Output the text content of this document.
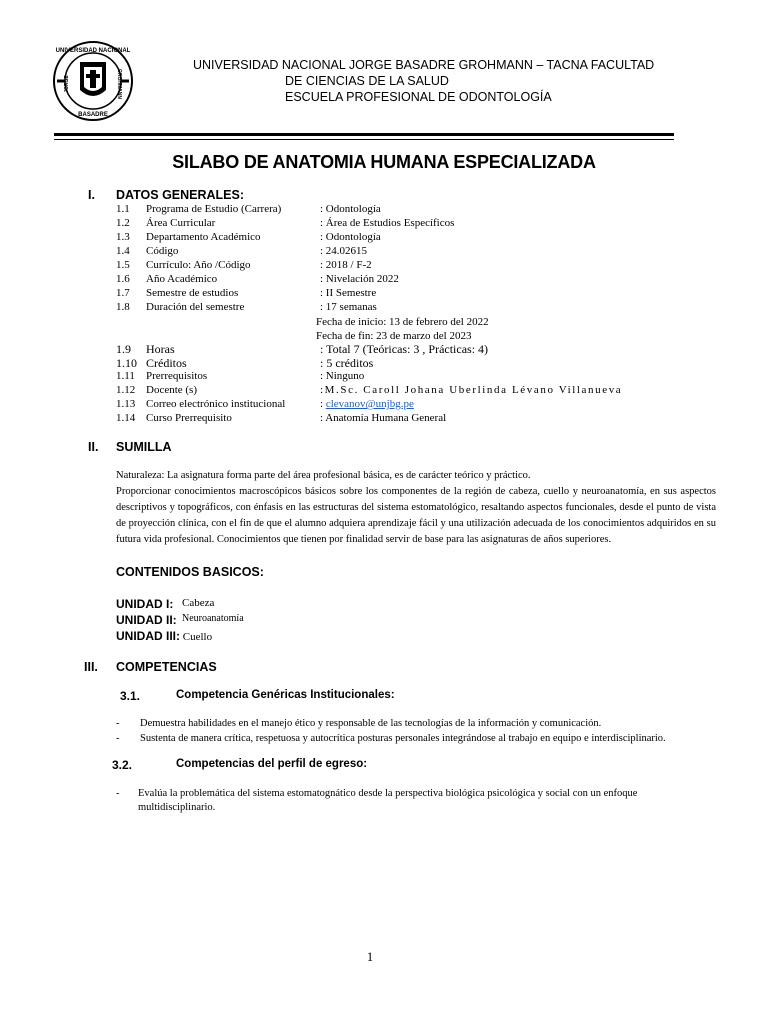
UNIVERSIDAD NACIONAL
BASADRE
JORGE	GROHMANN
UNIVERSIDAD NACIONAL JORGE BASADRE GROHMANN – TACNA FACULTAD
DE CIENCIAS DE LA SALUD
ESCUELA PROFESIONAL DE ODONTOLOGÍA
SILABO DE ANATOMIA HUMANA ESPECIALIZADA
I. DATOS GENERALES:
1.1	Programa de Estudio (Carrera)	: Odontología
1.2	Área Curricular	: Área de Estudios Específicos
1.3	Departamento Académico	: Odontología
1.4	Código	: 24.02615
1.5	Currículo: Año /Código	: 2018 / F-2
1.6	Año Académico	: Nivelación 2022
1.7	Semestre de estudios	: II Semestre
1.8	Duración del semestre	: 17 semanas
1.9	Horas	: Total 7 (Teóricas: 3 , Prácticas: 4)
1.10 Créditos	: 5 créditos
1.11	Prerrequisitos	: Ninguno
1.12 Docente (s)	:M.Sc. Caroll Johana Uberlinda Lévano Villanueva
1.13 Correo electrónico institucional	: clevanov@unjbg.pe
1.14 Curso Prerrequisito	: Anatomía Humana General
Fecha de inicio: 13 de febrero del 2022
Fecha de fin: 23 de marzo del 2023
II. SUMILLA

Naturaleza: La asignatura forma parte del área profesional básica, es de carácter teórico y práctico.

Proporcionar conocimientos macroscópicos básicos sobre los componentes de la región de cabeza, cuello y neuroanatomía, en sus aspectos descriptivos y topográficos, con énfasis en las estructuras del sistema estomatológico, resaltando aspectos funcionales, desde el punto de vista de proyección clínica, con el fin de que el alumno adquiera aprendizaje fácil y una utilización adecuada de los conocimientos adquiridos en su futura vida profesional. Conocimientos que tienen por finalidad servir de base para las asignaturas de años superiores.

CONTENIDOS BASICOS:
UNIDAD I: Cabeza
UNIDAD II: Neuroanatomía
UNIDAD III: Cuello
III. COMPETENCIAS
3.1.	Competencia Genéricas Institucionales:
- Demuestra habilidades en el manejo ético y responsable de las tecnologías de la información y comunicación.
- Sustenta de manera crítica, respetuosa y autocrítica posturas personales integrándose al trabajo en equipo e interdisciplinario.
3.2.	Competencias del perfil de egreso:
- Evalúa la problemática del sistema estomatognático desde la perspectiva biológica psicológica y social con un enfoque multidisciplinario.
1
